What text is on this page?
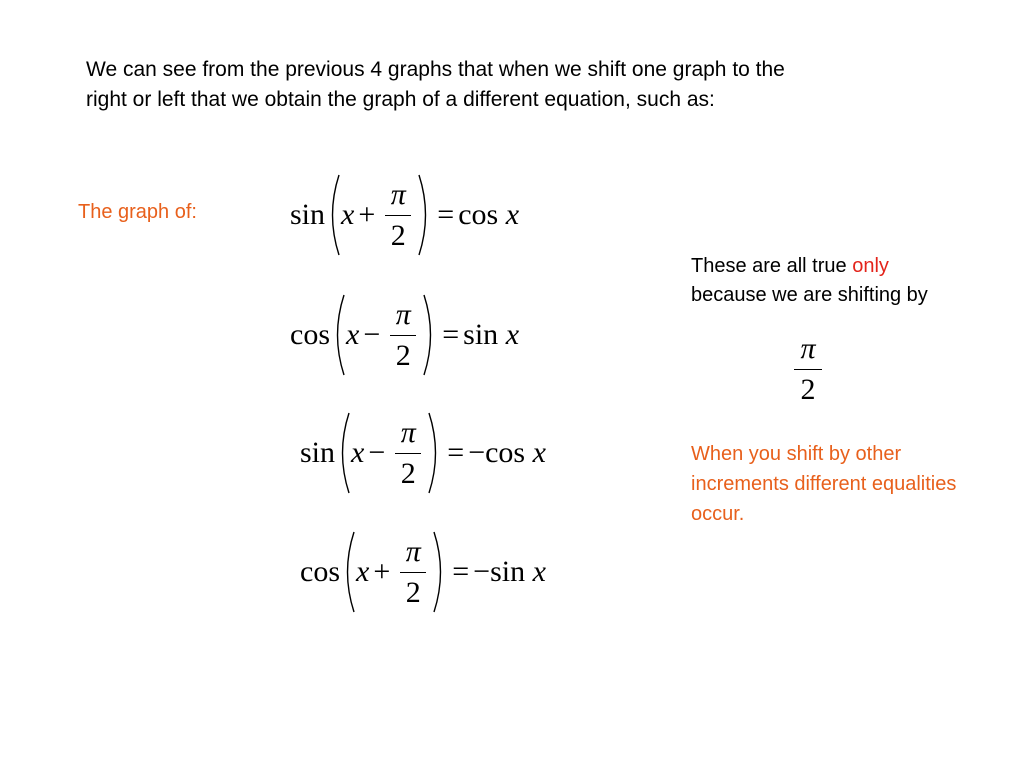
We can see from the previous 4 graphs that when we shift one graph to the
right or left that we obtain the graph of a different equation, such as:

The graph of:	$\sin x + \frac{\pi}{2} = \cos$
x
$\cos x - \frac{\pi}{2} = \sin$
x
$\sin x - \frac{\pi}{2}$ = − cos
x
$\cos x + \frac{\pi}{2}$ = − sin
x
These are all true only
because we are shifting by
$\frac{\pi}{2}$
When you shift by other increments different equalities occur.
